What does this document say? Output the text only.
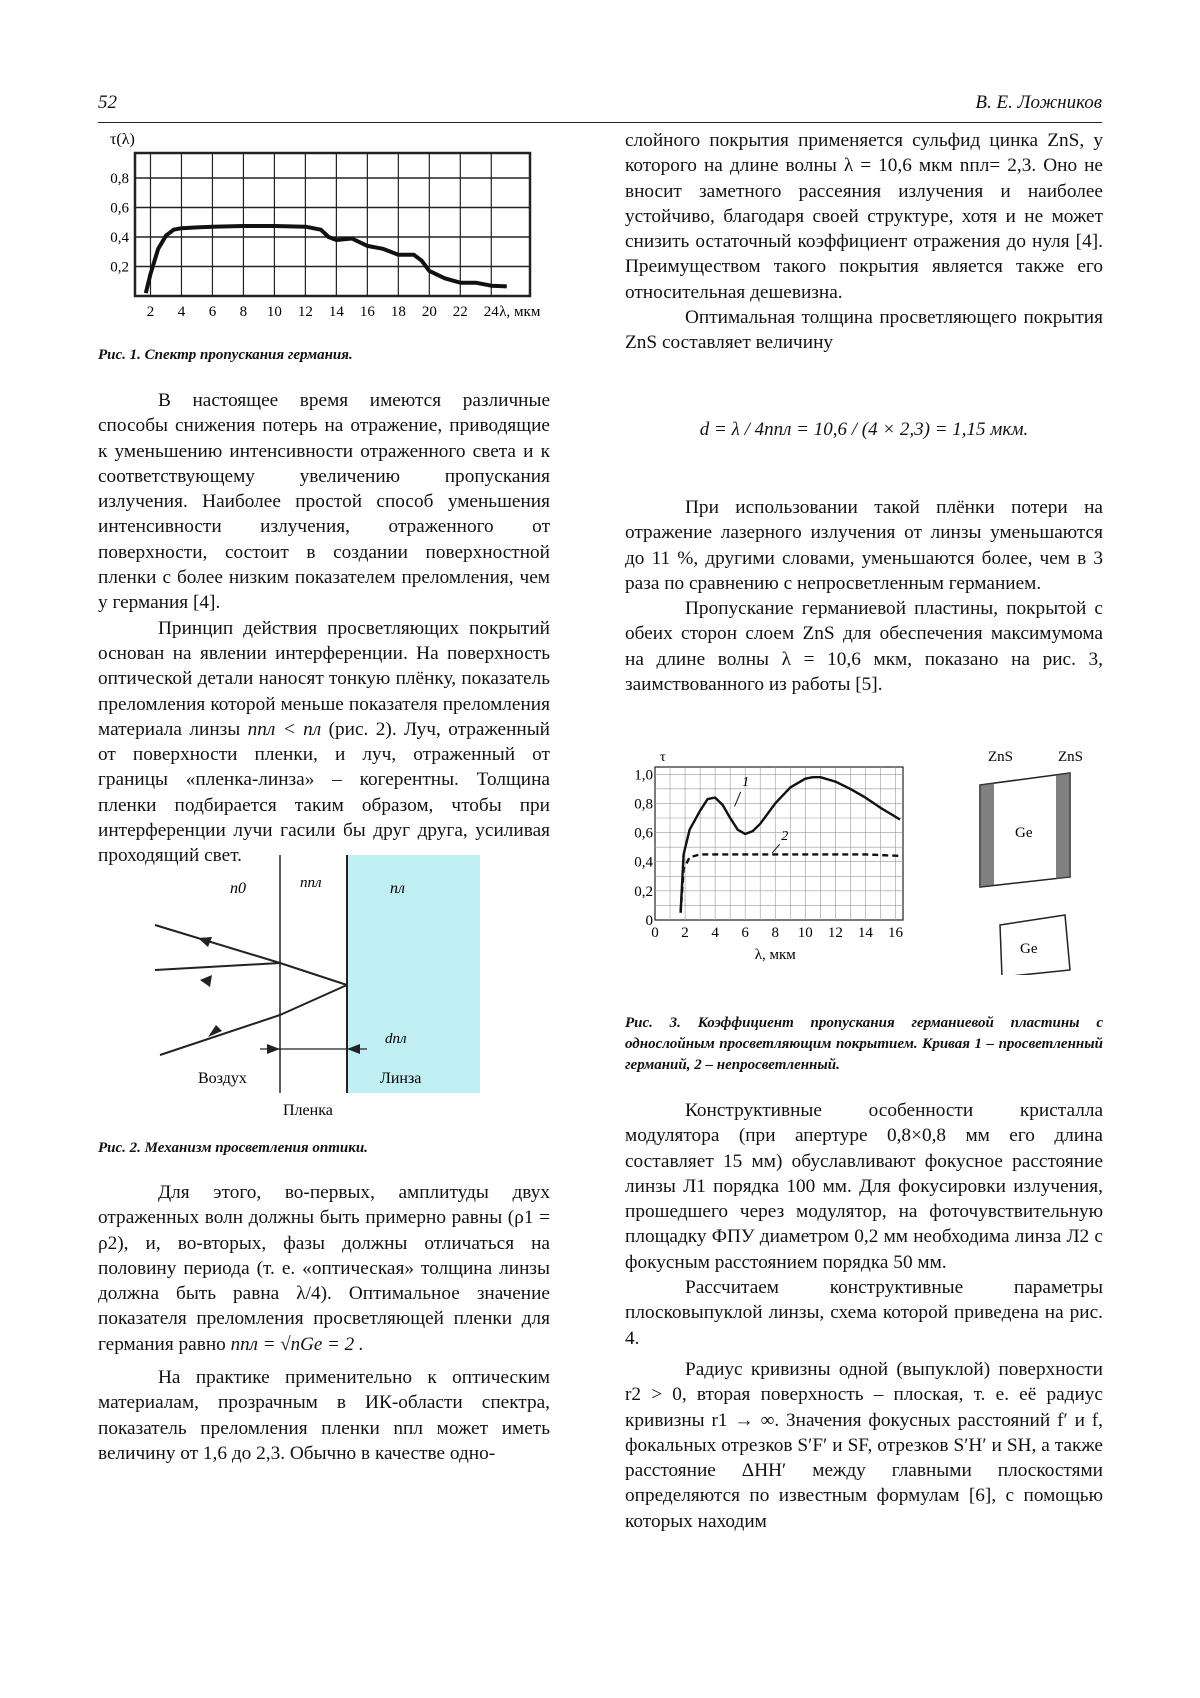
52	В. Е. Ложников
τ(λ)
0,8
0,6
0,4
0,2
2 4 6 8 10 12 14 16 18 20 22 24 λ, мкм
Рис. 1. Спектр пропускания германия.

В настоящее время имеются различные способы снижения потерь на отражение, приводящие к уменьшению интенсивности отраженного света и к соответствующему увеличению пропускания излучения. Наиболее простой способ уменьшения интенсивности излучения, отраженного от поверхности, состоит в создании поверхностной пленки с более низким показателем преломления, чем у германия [4].

Принцип действия просветляющих покрытий основан на явлении интерференции. На поверхность оптической детали наносят тонкую плёнку, показатель преломления которой меньше показателя преломления материала линзы nпл < nл (рис. 2). Луч, отраженный от поверхности пленки, и луч, отраженный от границы «пленка-линза» – когерентны. Толщина пленки подбирается таким образом, чтобы при интерференции лучи гасили бы друг друга, усиливая проходящий свет.

n0	nпл	nл
dпл
Воздух	Линза
Пленка
Рис. 2. Механизм просветления оптики.

Для этого, во-первых, амплитуды двух отраженных волн должны быть примерно равны (ρ1 = ρ2), и, во-вторых, фазы должны отличаться на половину периода (т. е. «оптическая» толщина линзы должна быть равна λ/4). Оптимальное значение показателя преломления просветляющей пленки для германия равно nпл = √nGe = 2 .

На практике применительно к оптическим материалам, прозрачным в ИК-области спектра, показатель преломления пленки nпл может иметь величину от 1,6 до 2,3. Обычно в качестве одно-

слойного покрытия применяется сульфид цинка ZnS, у которого на длине волны λ = 10,6 мкм nпл= 2,3. Оно не вносит заметного рассеяния излучения и наиболее устойчиво, благодаря своей структуре, хотя и не может снизить остаточный коэффициент отражения до нуля [4]. Преимуществом такого покрытия является также его относительная дешевизна.

Оптимальная толщина просветляющего покрытия ZnS составляет величину

d = λ / 4nпл = 10,6 / (4 × 2,3) = 1,15 мкм.

При использовании такой плёнки потери на отражение лазерного излучения от линзы уменьшаются до 11 %, другими словами, уменьшаются более, чем в 3 раза по сравнению с непросветленным германием.

Пропускание германиевой пластины, покрытой с обеих сторон слоем ZnS для обеспечения максимумома на длине волны λ = 10,6 мкм, показано на рис. 3, заимствованного из работы [5].

τ
0
0,2
0,4
0,6
0,8
1,0
0 2 4 6 8 10 12 14 16
λ, мкм
1
2
ZnS	ZnS
Ge
Ge
Рис. 3. Коэффициент пропускания германиевой пластины с однослойным просветляющим покрытием. Кривая 1 – просветленный германий, 2 – непросветленный.

Конструктивные особенности кристалла модулятора (при апертуре 0,8×0,8 мм его длина составляет 15 мм) обуславливают фокусное расстояние линзы Л1 порядка 100 мм. Для фокусировки излучения, прошедшего через модулятор, на фоточувствительную площадку ФПУ диаметром 0,2 мм необходима линза Л2 с фокусным расстоянием порядка 50 мм.

Рассчитаем конструктивные параметры плосковыпуклой линзы, схема которой приведена на рис. 4.

Радиус кривизны одной (выпуклой) поверхности r2 > 0, вторая поверхность – плоская, т. е. её радиус кривизны r1 → ∞. Значения фокусных расстояний f′ и f, фокальных отрезков S′F′ и SF, отрезков S′H′ и SH, а также расстояние ΔHH′ между главными плоскостями определяются по известным формулам [6], с помощью которых находим
